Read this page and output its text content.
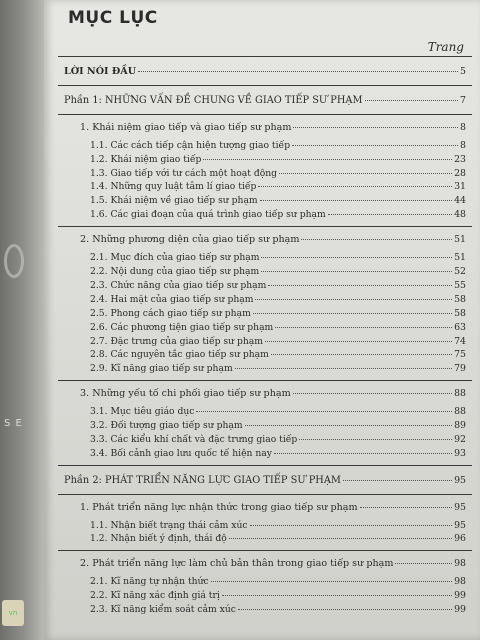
S E
vn
MỤC LỤC
Trang
LỜI NÓI ĐẦU	5
Phần 1: NHỮNG VẤN ĐỀ CHUNG VỀ GIAO TIẾP SƯ PHẠM	7
1. Khái niệm giao tiếp và giao tiếp sư phạm	8
1.1. Các cách tiếp cận hiện tượng giao tiếp	8
1.2. Khái niệm giao tiếp	23
1.3. Giao tiếp với tư cách một hoạt động	28
1.4. Những quy luật tâm lí giao tiếp	31
1.5. Khái niệm về giao tiếp sư phạm	44
1.6. Các giai đoạn của quá trình giao tiếp sư phạm	48
2. Những phương diện của giao tiếp sư phạm	51
2.1. Mục đích của giao tiếp sư phạm	51
2.2. Nội dung của giao tiếp sư phạm	52
2.3. Chức năng của giao tiếp sư phạm	55
2.4. Hai mặt của giao tiếp sư phạm	58
2.5. Phong cách giao tiếp sư phạm	58
2.6. Các phương tiện giao tiếp sư phạm	63
2.7. Đặc trưng của giao tiếp sư phạm	74
2.8. Các nguyên tắc giao tiếp sư phạm	75
2.9. Kĩ năng giao tiếp sư phạm	79
3. Những yếu tố chi phối giao tiếp sư phạm	88
3.1. Mục tiêu giáo dục	88
3.2. Đối tượng giao tiếp sư phạm	89
3.3. Các kiểu khí chất và đặc trưng giao tiếp	92
3.4. Bối cảnh giao lưu quốc tế hiện nay	93
Phần 2: PHÁT TRIỂN NĂNG LỰC GIAO TIẾP SƯ PHẠM	95
1. Phát triển năng lực nhận thức trong giao tiếp sư phạm	95
1.1. Nhận biết trạng thái cảm xúc	95
1.2. Nhận biết ý định, thái độ	96
2. Phát triển năng lực làm chủ bản thân trong giao tiếp sư phạm	98
2.1. Kĩ năng tự nhận thức	98
2.2. Kĩ năng xác định giá trị	99
2.3. Kĩ năng kiểm soát cảm xúc	99
